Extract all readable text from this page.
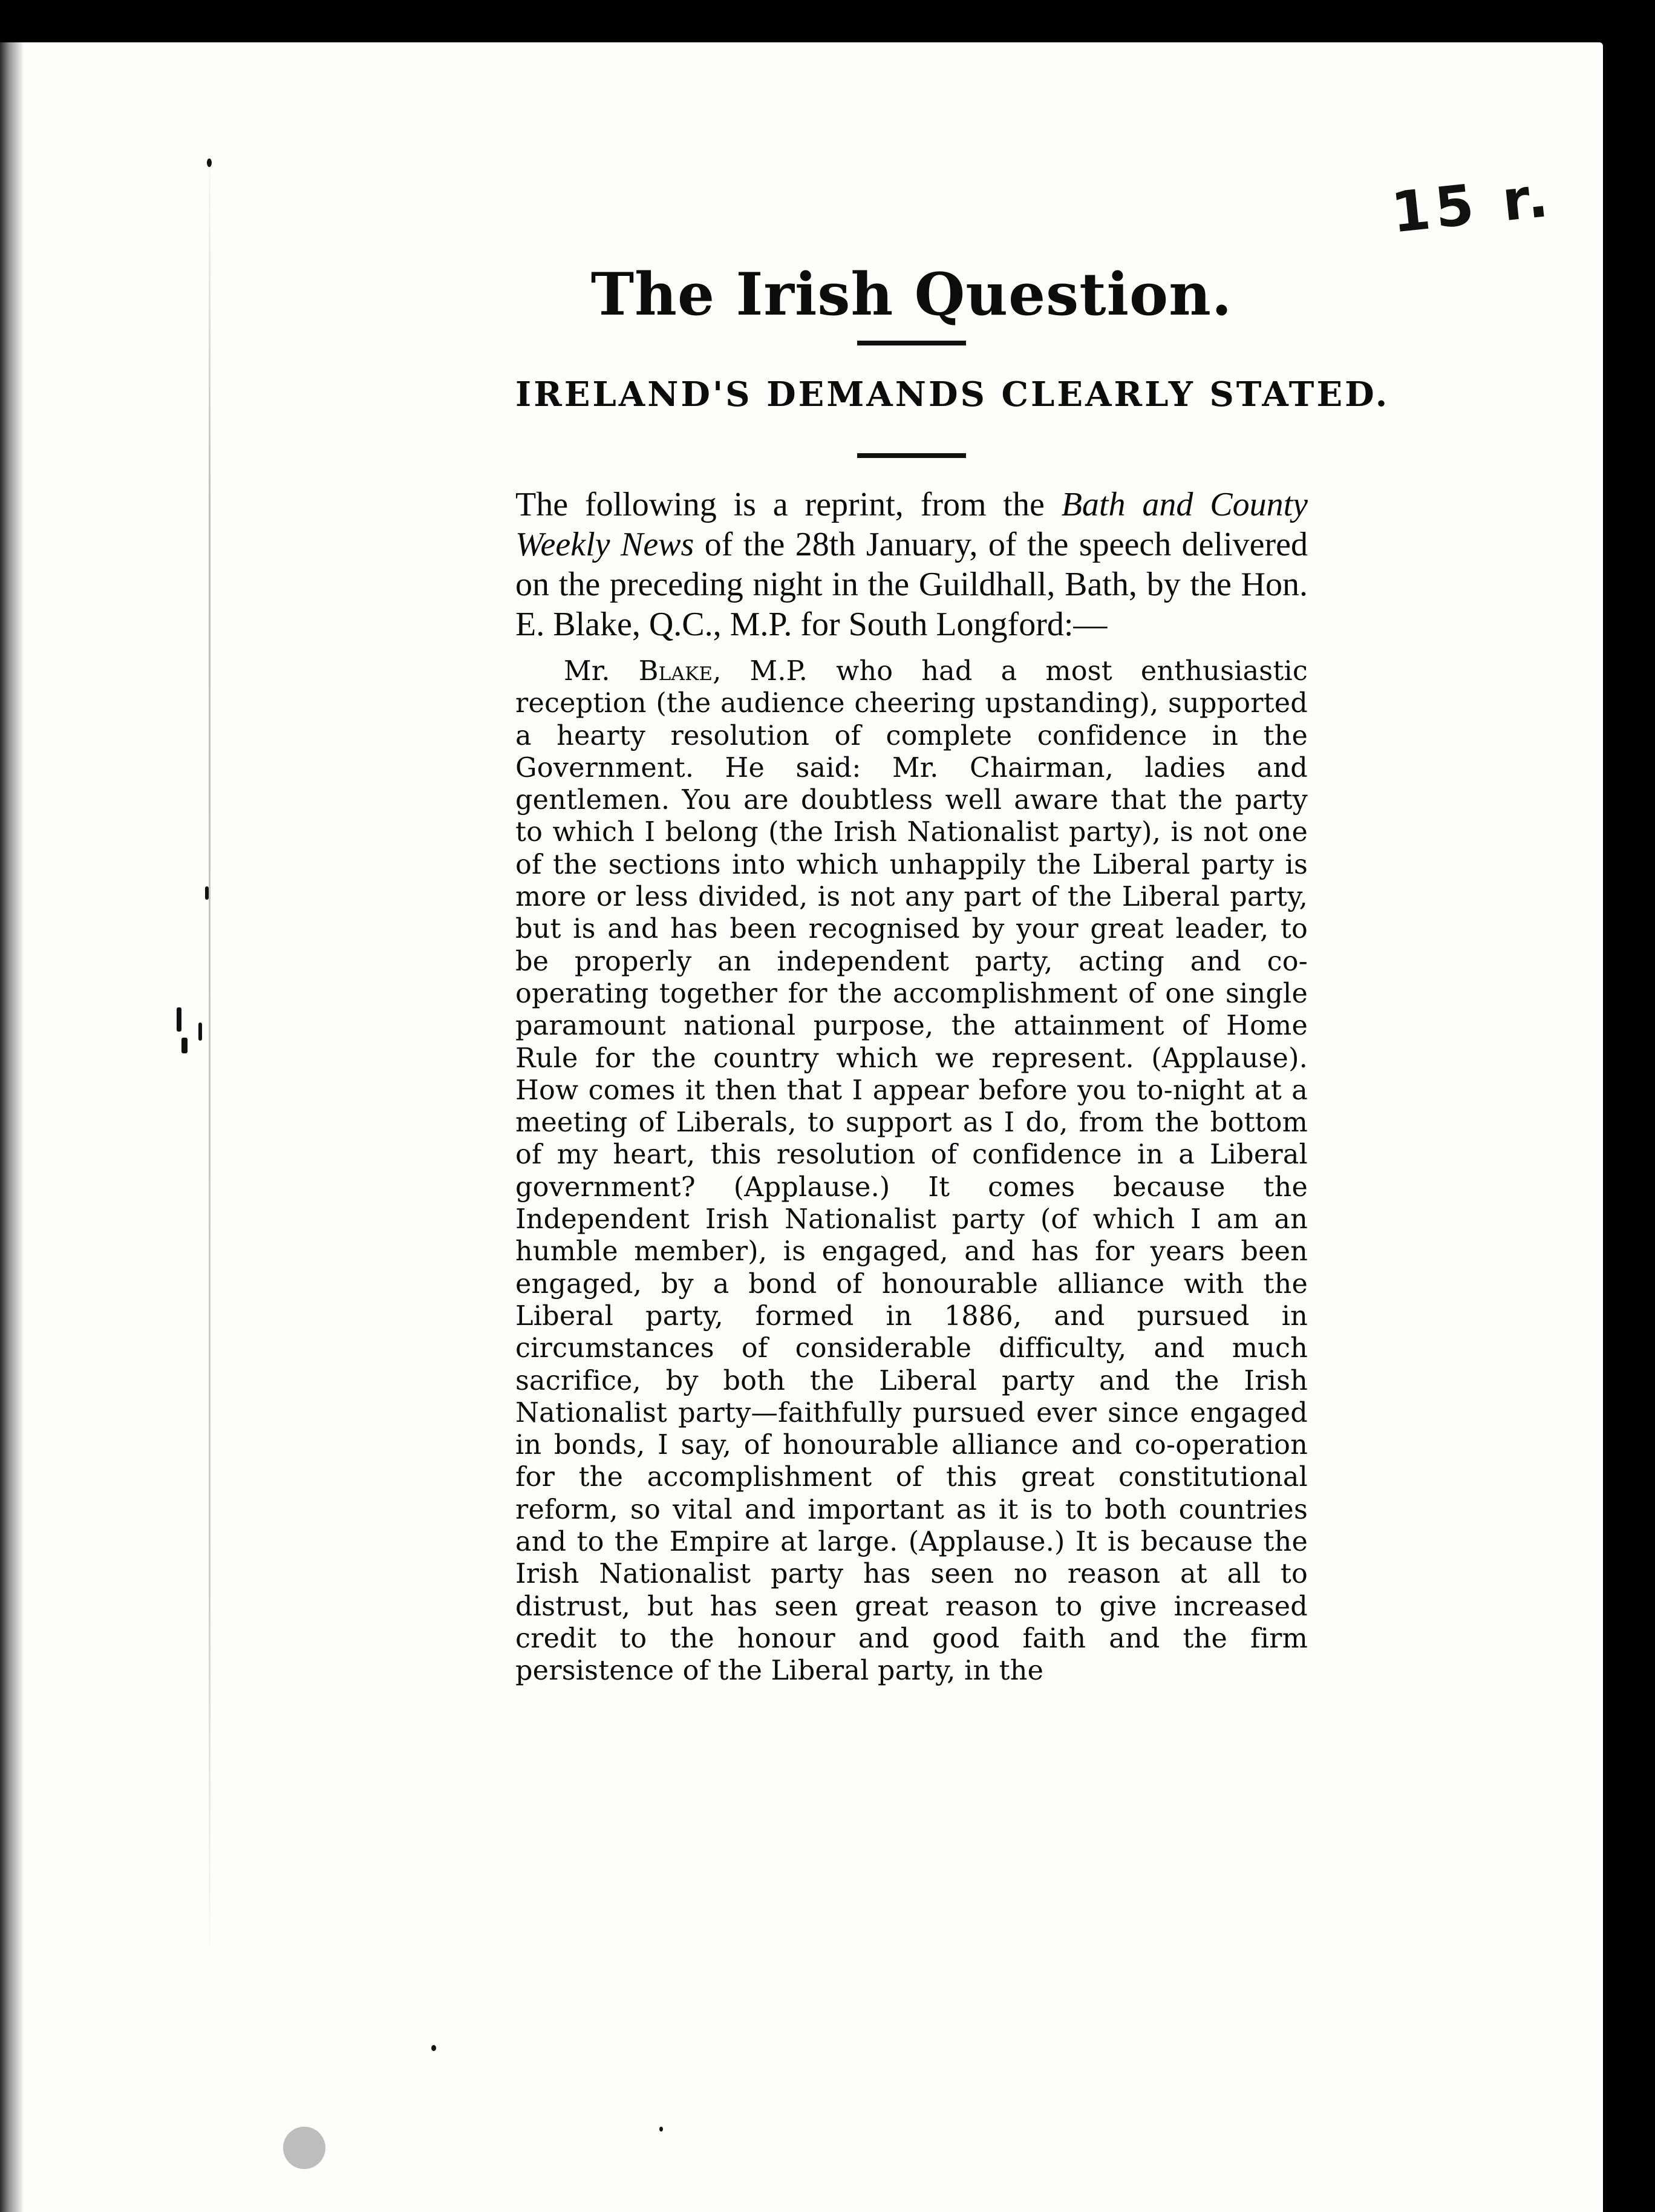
15 r.
The Irish Question.
IRELAND'S DEMANDS CLEARLY STATED.

The following is a reprint, from the Bath and County Weekly News of the 28th January, of the speech delivered on the preceding night in the Guildhall, Bath, by the Hon. E. Blake, Q.C., M.P. for South Longford:—

Mr. Blake, M.P. who had a most enthusiastic reception (the audience cheering upstanding), supported a hearty resolution of complete confidence in the Government. He said: Mr. Chairman, ladies and gentlemen. You are doubtless well aware that the party to which I belong (the Irish Nationalist party), is not one of the sections into which unhappily the Liberal party is more or less divided, is not any part of the Liberal party, but is and has been recognised by your great leader, to be properly an independent party, acting and co-operating together for the accomplishment of one single paramount national purpose, the attainment of Home Rule for the country which we represent. (Applause). How comes it then that I appear before you to-night at a meeting of Liberals, to support as I do, from the bottom of my heart, this resolution of confidence in a Liberal government? (Applause.) It comes because the Independent Irish Nationalist party (of which I am an humble member), is engaged, and has for years been engaged, by a bond of honourable alliance with the Liberal party, formed in 1886, and pursued in circumstances of considerable difficulty, and much sacrifice, by both the Liberal party and the Irish Nationalist party—faithfully pursued ever since engaged in bonds, I say, of honourable alliance and co-operation for the accomplishment of this great constitutional reform, so vital and important as it is to both countries and to the Empire at large. (Applause.) It is because the Irish Nationalist party has seen no reason at all to distrust, but has seen great reason to give increased credit to the honour and good faith and the firm persistence of the Liberal party, in the
